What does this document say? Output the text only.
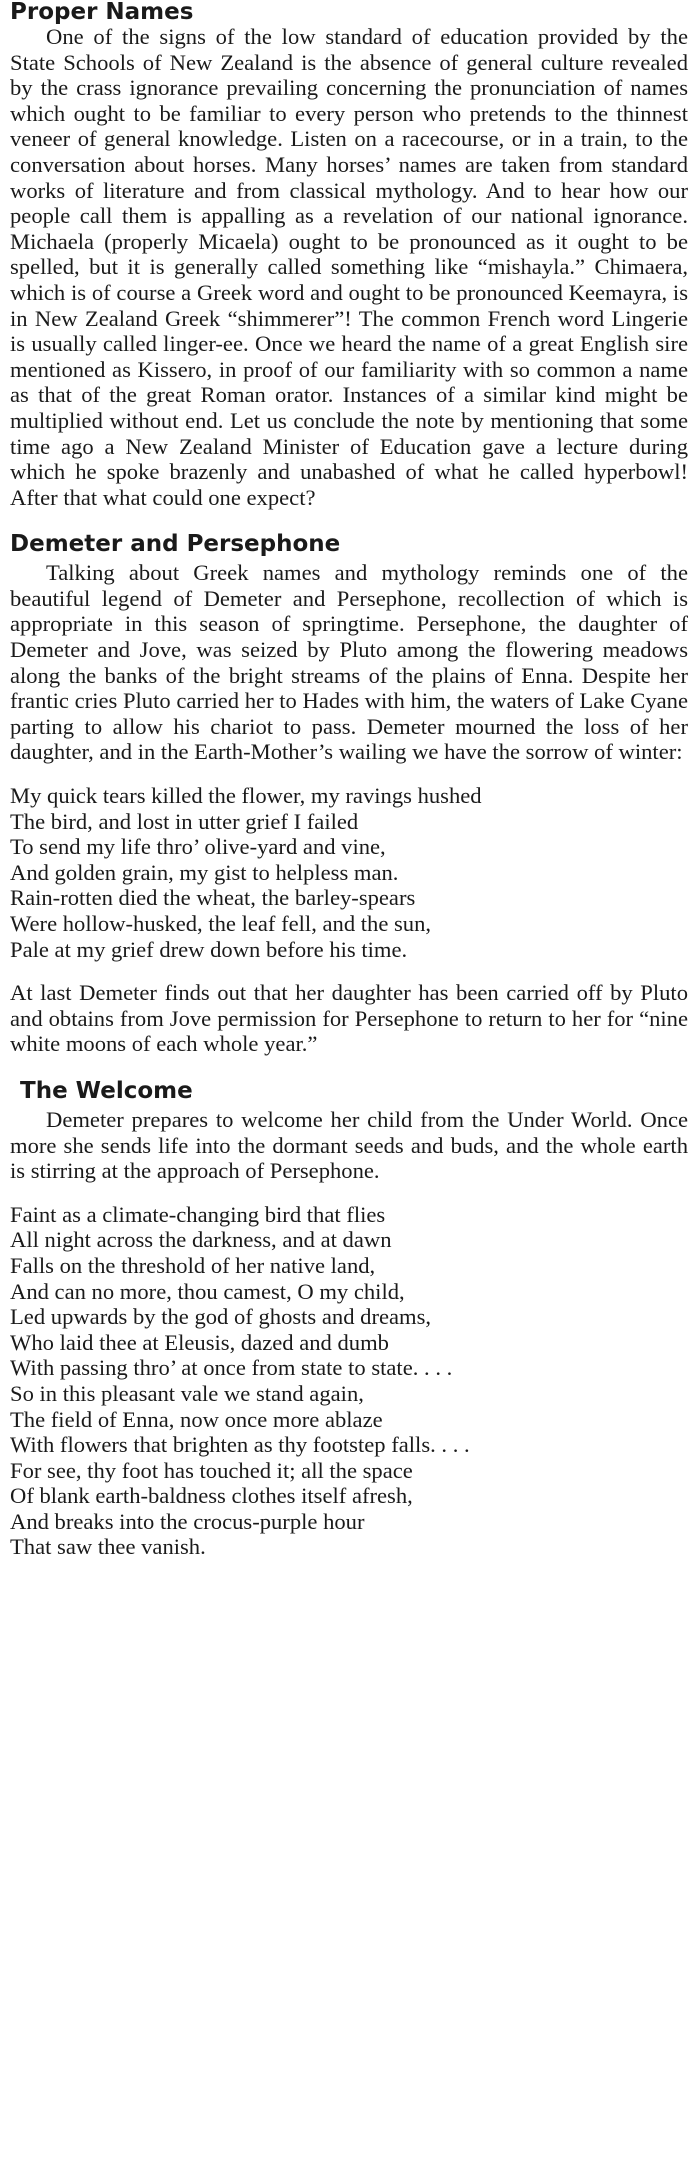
Proper Names

One of the signs of the low standard of education provided by the State Schools of New Zealand is the absence of general culture revealed by the crass ignorance prevailing concerning the pronunciation of names which ought to be familiar to every person who pretends to the thinnest veneer of general knowledge. Listen on a racecourse, or in a train, to the conversation about horses. Many horses’ names are taken from standard works of literature and from classical mythology. And to hear how our people call them is appalling as a revelation of our national ignorance. Michaela (properly Micaela) ought to be pronounced as it ought to be spelled, but it is generally called something like “mishayla.” Chimaera, which is of course a Greek word and ought to be pronounced Keemayra, is in New Zealand Greek “shimmerer”! The common French word Lingerie is usually called linger-ee. Once we heard the name of a great English sire mentioned as Kissero, in proof of our familiarity with so common a name as that of the great Roman orator. Instances of a similar kind might be multiplied without end. Let us conclude the note by mentioning that some time ago a New Zealand Minister of Education gave a lecture during which he spoke brazenly and unabashed of what he called hyperbowl! After that what could one expect?

Demeter and Persephone

Talking about Greek names and mythology reminds one of the beautiful legend of Demeter and Persephone, recollection of which is appropriate in this season of springtime. Persephone, the daughter of Demeter and Jove, was seized by Pluto among the flowering meadows along the banks of the bright streams of the plains of Enna. Despite her frantic cries Pluto carried her to Hades with him, the waters of Lake Cyane parting to allow his chariot to pass. Demeter mourned the loss of her daughter, and in the Earth-Mother’s wailing we have the sorrow of winter:

My quick tears killed the flower, my ravings hushed
The bird, and lost in utter grief I failed
To send my life thro’ olive-yard and vine,
And golden grain, my gist to helpless man.
Rain-rotten died the wheat, the barley-spears
Were hollow-husked, the leaf fell, and the sun,
Pale at my grief drew down before his time.

At last Demeter finds out that her daughter has been carried off by Pluto and obtains from Jove permission for Persephone to return to her for “nine white moons of each whole year.”

The Welcome

Demeter prepares to welcome her child from the Under World. Once more she sends life into the dormant seeds and buds, and the whole earth is stirring at the approach of Persephone.

Faint as a climate-changing bird that flies
All night across the darkness, and at dawn
Falls on the threshold of her native land,
And can no more, thou camest, O my child,
Led upwards by the god of ghosts and dreams,
Who laid thee at Eleusis, dazed and dumb
With passing thro’ at once from state to state. . . .
So in this pleasant vale we stand again,
The field of Enna, now once more ablaze
With flowers that brighten as thy footstep falls. . . .
For see, thy foot has touched it; all the space
Of blank earth-baldness clothes itself afresh,
And breaks into the crocus-purple hour
That saw thee vanish.
